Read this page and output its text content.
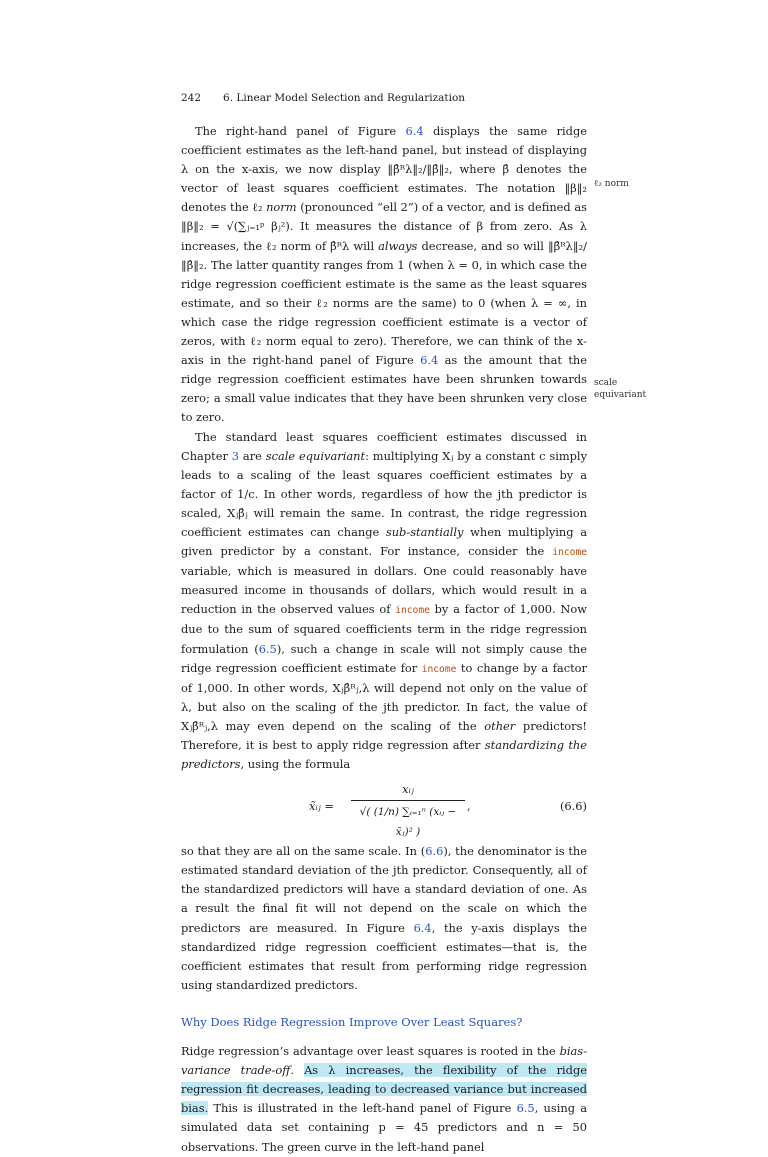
242 6. Linear Model Selection and Regularization
ℓ₂ norm
scale
equivariant

The right-hand panel of Figure 6.4 displays the same ridge coefficient estimates as the left-hand panel, but instead of displaying λ on the x-axis, we now display ‖β̂ᴿλ‖₂/‖β̂‖₂, where β̂ denotes the vector of least squares coefficient estimates. The notation ‖β‖₂ denotes the ℓ₂ norm (pronounced “ell 2”) of a vector, and is defined as ‖β‖₂ = √(∑ⱼ₌₁ᵖ βⱼ²). It measures the distance of β from zero. As λ increases, the ℓ₂ norm of β̂ᴿλ will always decrease, and so will ‖β̂ᴿλ‖₂/‖β̂‖₂. The latter quantity ranges from 1 (when λ = 0, in which case the ridge regression coefficient estimate is the same as the least squares estimate, and so their ℓ₂ norms are the same) to 0 (when λ = ∞, in which case the ridge regression coefficient estimate is a vector of zeros, with ℓ₂ norm equal to zero). Therefore, we can think of the x-axis in the right-hand panel of Figure 6.4 as the amount that the ridge regression coefficient estimates have been shrunken towards zero; a small value indicates that they have been shrunken very close to zero.

The standard least squares coefficient estimates discussed in Chapter 3 are scale equivariant: multiplying Xⱼ by a constant c simply leads to a scaling of the least squares coefficient estimates by a factor of 1/c. In other words, regardless of how the jth predictor is scaled, Xⱼβ̂ⱼ will remain the same. In contrast, the ridge regression coefficient estimates can change sub-stantially when multiplying a given predictor by a constant. For instance, consider the income variable, which is measured in dollars. One could reasonably have measured income in thousands of dollars, which would result in a reduction in the observed values of income by a factor of 1,000. Now due to the sum of squared coefficients term in the ridge regression formulation (6.5), such a change in scale will not simply cause the ridge regression coefficient estimate for income to change by a factor of 1,000. In other words, Xⱼβ̂ᴿⱼ,λ will depend not only on the value of λ, but also on the scaling of the jth predictor. In fact, the value of Xⱼβ̂ᴿⱼ,λ may even depend on the scaling of the other predictors! Therefore, it is best to apply ridge regression after standardizing the predictors, using the formula

x̃ᵢⱼ =
xᵢⱼ
√( (1/n) ∑ᵢ₌₁ⁿ (xᵢⱼ − x̄ⱼ)² )
,	(6.6)

so that they are all on the same scale. In (6.6), the denominator is the estimated standard deviation of the jth predictor. Consequently, all of the standardized predictors will have a standard deviation of one. As a result the final fit will not depend on the scale on which the predictors are measured. In Figure 6.4, the y-axis displays the standardized ridge regression coefficient estimates—that is, the coefficient estimates that result from performing ridge regression using standardized predictors.

Why Does Ridge Regression Improve Over Least Squares?

Ridge regression’s advantage over least squares is rooted in the bias-variance trade-off. As λ increases, the flexibility of the ridge regression fit decreases, leading to decreased variance but increased bias. This is illustrated in the left-hand panel of Figure 6.5, using a simulated data set containing p = 45 predictors and n = 50 observations. The green curve in the left-hand panel
